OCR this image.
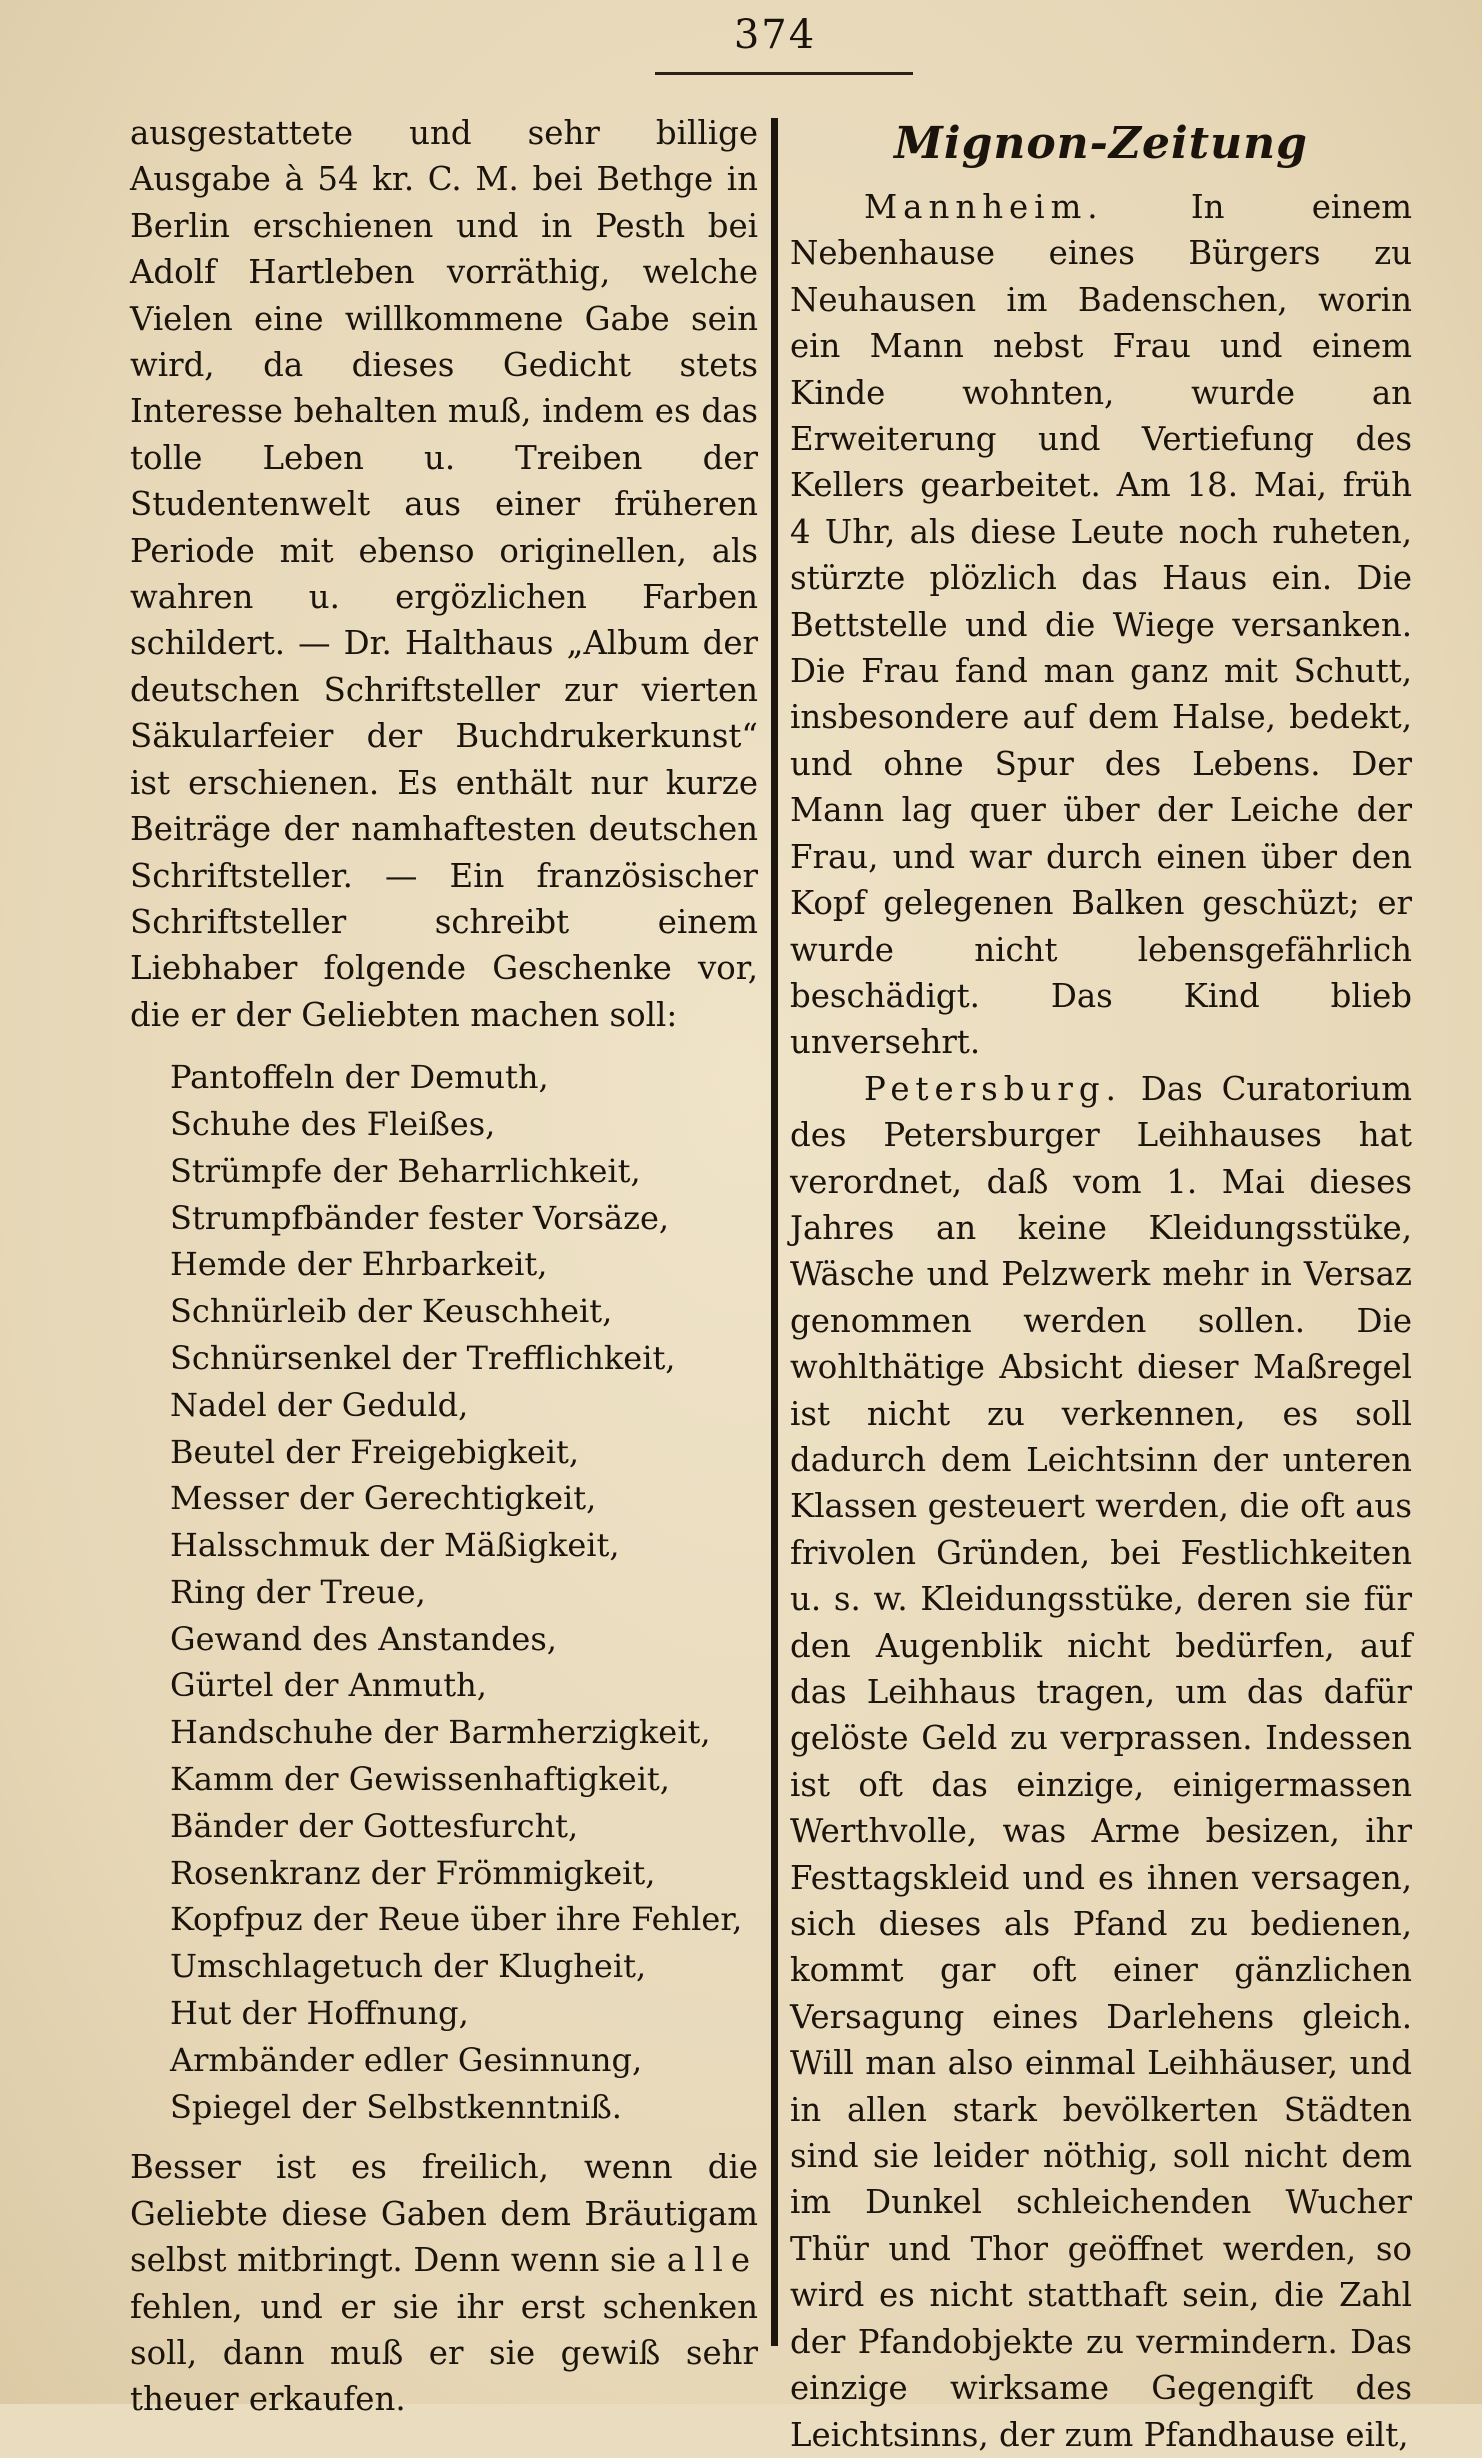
374

ausgestattete und sehr billige Ausgabe à 54 kr. C. M. bei Bethge in Berlin erschienen und in Pesth bei Adolf Hartleben vorräthig, welche Vielen eine willkommene Gabe sein wird, da dieses Gedicht stets Interesse behalten muß, indem es das tolle Leben u. Treiben der Studentenwelt aus einer früheren Periode mit ebenso originellen, als wahren u. ergözlichen Farben schildert. — Dr. Halthaus „Album der deutschen Schriftsteller zur vierten Säkularfeier der Buchdrukerkunst“ ist erschienen. Es enthält nur kurze Beiträge der namhaftesten deutschen Schriftsteller. — Ein französischer Schriftsteller schreibt einem Liebhaber folgende Geschenke vor, die er der Geliebten machen soll:

Pantoffeln der Demuth,
Schuhe des Fleißes,
Strümpfe der Beharrlichkeit,
Strumpfbänder fester Vorsäze,
Hemde der Ehrbarkeit,
Schnürleib der Keuschheit,
Schnürsenkel der Trefflichkeit,
Nadel der Geduld,
Beutel der Freigebigkeit,
Messer der Gerechtigkeit,
Halsschmuk der Mäßigkeit,
Ring der Treue,
Gewand des Anstandes,
Gürtel der Anmuth,
Handschuhe der Barmherzigkeit,
Kamm der Gewissenhaftigkeit,
Bänder der Gottesfurcht,
Rosenkranz der Frömmigkeit,
Kopfpuz der Reue über ihre Fehler,
Umschlagetuch der Klugheit,
Hut der Hoffnung,
Armbänder edler Gesinnung,
Spiegel der Selbstkenntniß.

Besser ist es freilich, wenn die Geliebte diese Gaben dem Bräutigam selbst mitbringt. Denn wenn sie alle fehlen, und er sie ihr erst schenken soll, dann muß er sie gewiß sehr theuer erkaufen.

Mignon-Zeitung

Mannheim. In einem Nebenhause eines Bürgers zu Neuhausen im Badenschen, worin ein Mann nebst Frau und einem Kinde wohnten, wurde an Erweiterung und Vertiefung des Kellers gearbeitet. Am 18. Mai, früh 4 Uhr, als diese Leute noch ruheten, stürzte plözlich das Haus ein. Die Bettstelle und die Wiege versanken. Die Frau fand man ganz mit Schutt, insbesondere auf dem Halse, bedekt, und ohne Spur des Lebens. Der Mann lag quer über der Leiche der Frau, und war durch einen über den Kopf gelegenen Balken geschüzt; er wurde nicht lebensgefährlich beschädigt. Das Kind blieb unversehrt.

Petersburg. Das Curatorium des Petersburger Leihhauses hat verordnet, daß vom 1. Mai dieses Jahres an keine Kleidungsstüke, Wäsche und Pelzwerk mehr in Versaz genommen werden sollen. Die wohlthätige Absicht dieser Maßregel ist nicht zu verkennen, es soll dadurch dem Leichtsinn der unteren Klassen gesteuert werden, die oft aus frivolen Gründen, bei Festlichkeiten u. s. w. Kleidungsstüke, deren sie für den Augenblik nicht bedürfen, auf das Leihhaus tragen, um das dafür gelöste Geld zu verprassen. Indessen ist oft das einzige, einigermassen Werthvolle, was Arme besizen, ihr Festtagskleid und es ihnen versagen, sich dieses als Pfand zu bedienen, kommt gar oft einer gänzlichen Versagung eines Darlehens gleich. Will man also einmal Leihhäuser, und in allen stark bevölkerten Städten sind sie leider nöthig, soll nicht dem im Dunkel schleichenden Wucher Thür und Thor geöffnet werden, so wird es nicht statthaft sein, die Zahl der Pfandobjekte zu vermindern. Das einzige wirksame Gegengift des Leichtsinns, der zum Pfandhause eilt,
